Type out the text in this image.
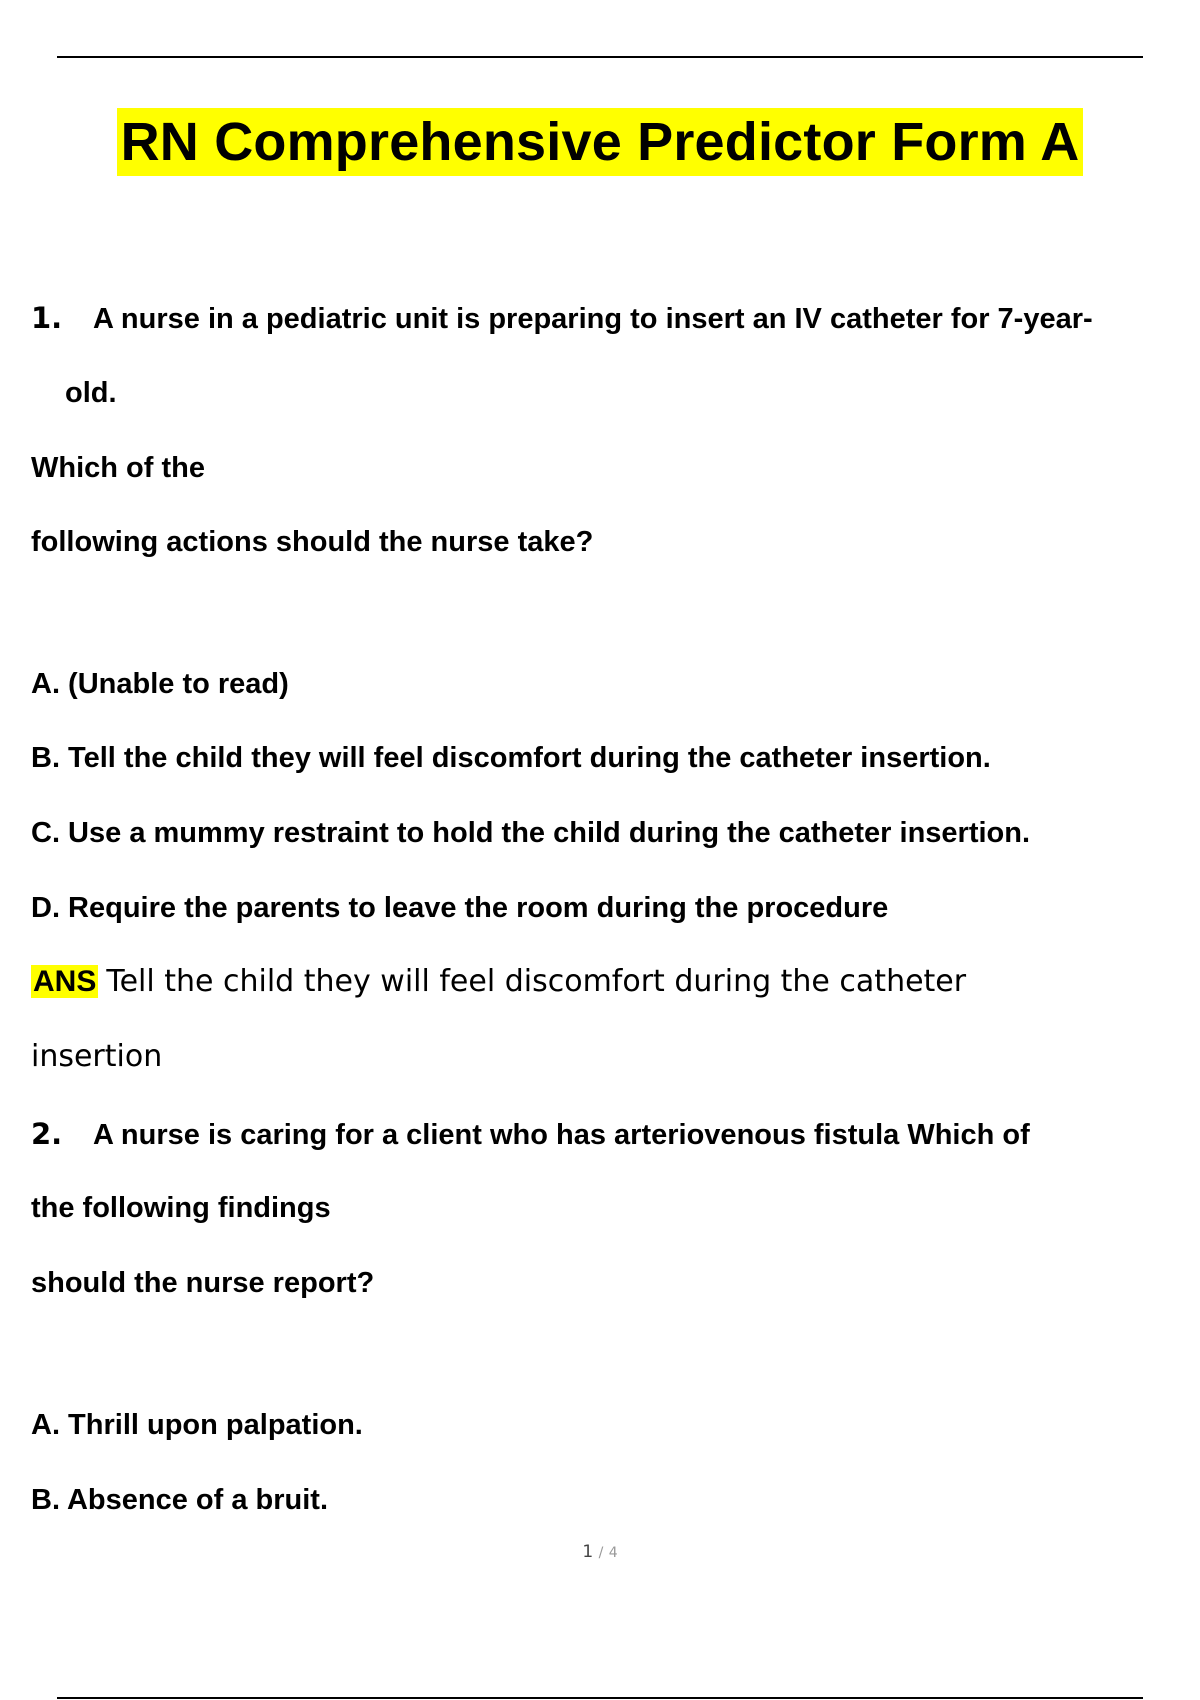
RN Comprehensive Predictor Form A
1. A nurse in a pediatric unit is preparing to insert an IV catheter for 7-year-
old.
Which of the
following actions should the nurse take?
A. (Unable to read)
B. Tell the child they will feel discomfort during the catheter insertion.
C. Use a mummy restraint to hold the child during the catheter insertion.
D. Require the parents to leave the room during the procedure
ANS Tell the child they will feel discomfort during the catheter
insertion
2. A nurse is caring for a client who has arteriovenous fistula Which of
the following findings
should the nurse report?
A. Thrill upon palpation.
B. Absence of a bruit.
1 / 4
